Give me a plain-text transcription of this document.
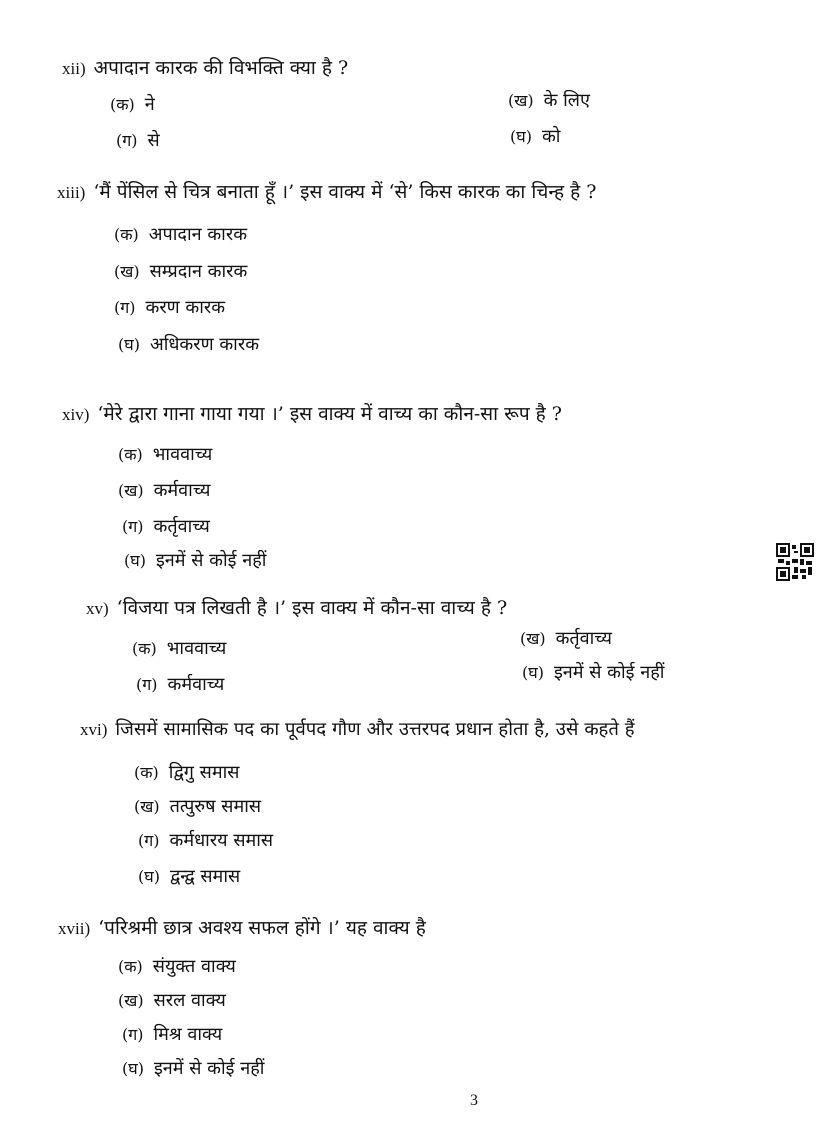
xii) अपादान कारक की विभक्ति क्या है ?
(क) ने	(ख) के लिए
(ग) से	(घ) को
xiii) ‘मैं पेंसिल से चित्र बनाता हूँ ।’ इस वाक्य में ‘से’ किस कारक का चिन्ह है ?
(क) अपादान कारक
(ख) सम्प्रदान कारक
(ग) करण कारक
(घ) अधिकरण कारक
xiv) ‘मेरे द्वारा गाना गाया गया ।’ इस वाक्य में वाच्य का कौन-सा रूप है ?
(क) भाववाच्य
(ख) कर्मवाच्य
(ग) कर्तृवाच्य
(घ) इनमें से कोई नहीं
xv) ‘विजया पत्र लिखती है ।’ इस वाक्य में कौन-सा वाच्य है ?
(क) भाववाच्य	(ख) कर्तृवाच्य
(ग) कर्मवाच्य
(घ) इनमें से कोई नहीं
xvi) जिसमें सामासिक पद का पूर्वपद गौण और उत्तरपद प्रधान होता है, उसे कहते हैं
(क) द्विगु समास
(ख) तत्पुरुष समास
(ग) कर्मधारय समास
(घ) द्वन्द्व समास
xvii) ‘परिश्रमी छात्र अवश्य सफल होंगे ।’ यह वाक्य है
(क) संयुक्त वाक्य
(ख) सरल वाक्य
(ग) मिश्र वाक्य
(घ) इनमें से कोई नहीं
3
